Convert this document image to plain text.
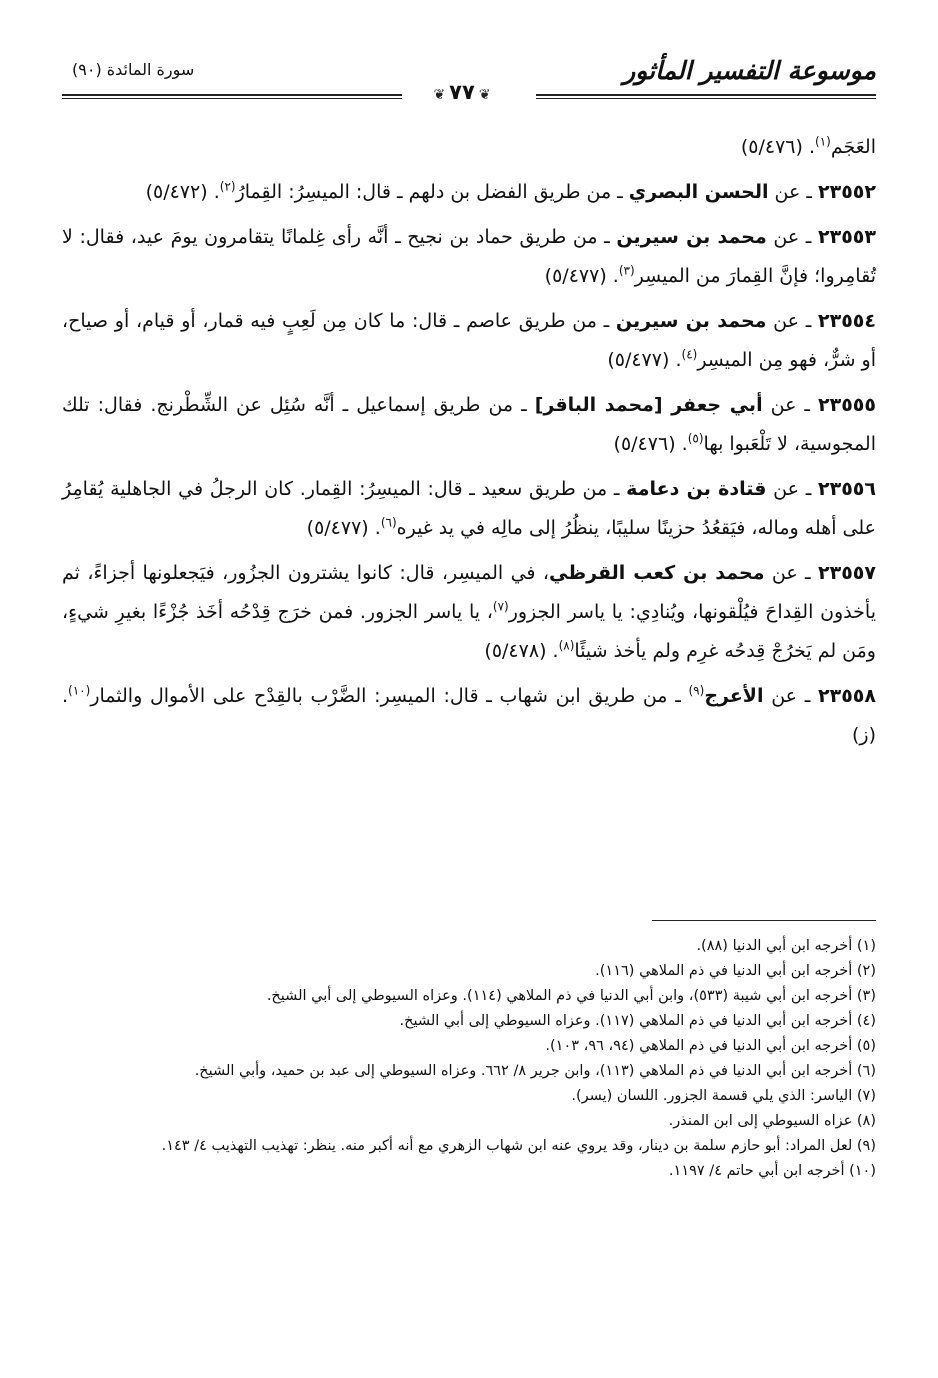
موسوعة التفسير المأثور
سورة المائدة (٩٠)
❦٧٧❦

العَجَم$^{(١)}$. (٥/٤٧٦)

٢٣٥٥٢ ـ عن الحسن البصري ـ من طريق الفضل بن دلهم ـ قال: الميسِرُ: القِمارُ$^{(٢)}$. (٥/٤٧٢)

٢٣٥٥٣ ـ عن محمد بن سيرين ـ من طريق حماد بن نجيح ـ أنَّه رأى غِلمانًا يتقامرون يومَ عيد، فقال: لا تُقامِروا؛ فإنَّ القِمارَ من الميسِر$^{(٣)}$. (٥/٤٧٧)

٢٣٥٥٤ ـ عن محمد بن سيرين ـ من طريق عاصم ـ قال: ما كان مِن لَعِبٍ فيه قمار، أو قيام، أو صياح، أو شرٌّ، فهو مِن الميسِر$^{(٤)}$. (٥/٤٧٧)

٢٣٥٥٥ ـ عن أبي جعفر [محمد الباقر] ـ من طريق إسماعيل ـ أنَّه سُئِل عن الشِّطْرنج. فقال: تلك المجوسية، لا تَلْعَبوا بها$^{(٥)}$. (٥/٤٧٦)

٢٣٥٥٦ ـ عن قتادة بن دعامة ـ من طريق سعيد ـ قال: الميسِرُ: القِمار. كان الرجلُ في الجاهلية يُقامِرُ على أهله وماله، فيَقعُدُ حزينًا سليبًا، ينظُرُ إلى مالِه في يد غيره$^{(٦)}$. (٥/٤٧٧)

٢٣٥٥٧ ـ عن محمد بن كعب القرظي، في الميسِر، قال: كانوا يشترون الجزُور، فيَجعلونها أجزاءً، ثم يأخذون القِداحَ فيُلْقونها، ويُنادِي: يا ياسر الجزور$^{(٧)}$، يا ياسر الجزور. فمن خرَج قِدْحُه أخَذ جُزْءًا بغيرِ شيءٍ، ومَن لم يَخرُجْ قِدحُه غرِم ولم يأخذ شيئًا$^{(٨)}$. (٥/٤٧٨)

٢٣٥٥٨ ـ عن الأعرج$^{(٩)}$ ـ من طريق ابن شهاب ـ قال: الميسِر: الضَّرْب بالقِدْح على الأموال والثمار$^{(١٠)}$. (ز)

(١) أخرجه ابن أبي الدنيا (٨٨).

(٢) أخرجه ابن أبي الدنيا في ذم الملاهي (١١٦).

(٣) أخرجه ابن أبي شيبة (٥٣٣)، وابن أبي الدنيا في ذم الملاهي (١١٤). وعزاه السيوطي إلى أبي الشيخ.

(٤) أخرجه ابن أبي الدنيا في ذم الملاهي (١١٧). وعزاه السيوطي إلى أبي الشيخ.

(٥) أخرجه ابن أبي الدنيا في ذم الملاهي (٩٤، ٩٦، ١٠٣).

(٦) أخرجه ابن أبي الدنيا في ذم الملاهي (١١٣)، وابن جرير ٨/ ٦٦٢. وعزاه السيوطي إلى عبد بن حميد، وأبي الشيخ.

(٧) الياسر: الذي يلي قسمة الجزور. اللسان (يسر).

(٨) عزاه السيوطي إلى ابن المنذر.

(٩) لعل المراد: أبو حازم سلمة بن دينار، وقد يروي عنه ابن شهاب الزهري مع أنه أكبر منه. ينظر: تهذيب التهذيب ٤/ ١٤٣.

(١٠) أخرجه ابن أبي حاتم ٤/ ١١٩٧.
